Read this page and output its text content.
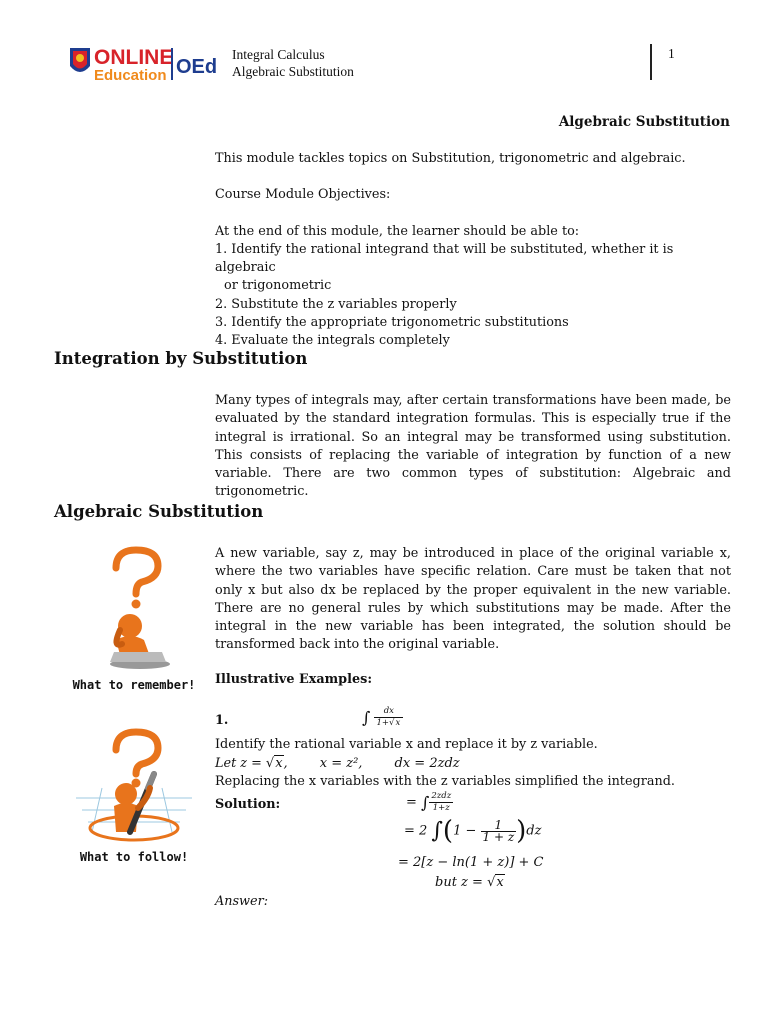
ONLINE
Education OEd
Integral Calculus
Algebraic Substitution
1
Algebraic Substitution
This module tackles topics on Substitution, trigonometric and algebraic.
Course Module Objectives:
At the end of this module, the learner should be able to:
1. Identify the rational integrand that will be substituted, whether it is algebraic
or trigonometric
2. Substitute the z variables properly
3. Identify the appropriate trigonometric substitutions
4. Evaluate the integrals completely
Integration by Substitution
Many types of integrals may, after certain transformations have been made, be evaluated by the standard integration formulas. This is especially true if the integral is irrational. So an integral may be transformed using substitution. This consists of replacing the variable of integration by function of a new variable. There are two common types of substitution: Algebraic and trigonometric.
Algebraic Substitution
What to remember!
A new variable, say z, may be introduced in place of the original variable x, where the two variables have specific relation. Care must be taken that not only x but also dx be replaced by the proper equivalent in the new variable. There are no general rules by which substitutions may be made. After the integral in the new variable has been integrated, the solution should be transformed back into the original variable.
Illustrative Examples:
1.	∫ $\frac{dx}{1+√x}$
What to follow!
Identify the rational variable x and replace it by z variable.
Let z = √x, x = z², dx = 2zdz
Replacing the x variables with the z variables simplified the integrand.
Solution:	= ∫ $\frac{\text{2zdz}}{1+z}$
= 2 $\int(1 - \frac{1}{1 + z} )dz$
= 2[z − ln(1 + z)] + C
but z = √x
Answer:
